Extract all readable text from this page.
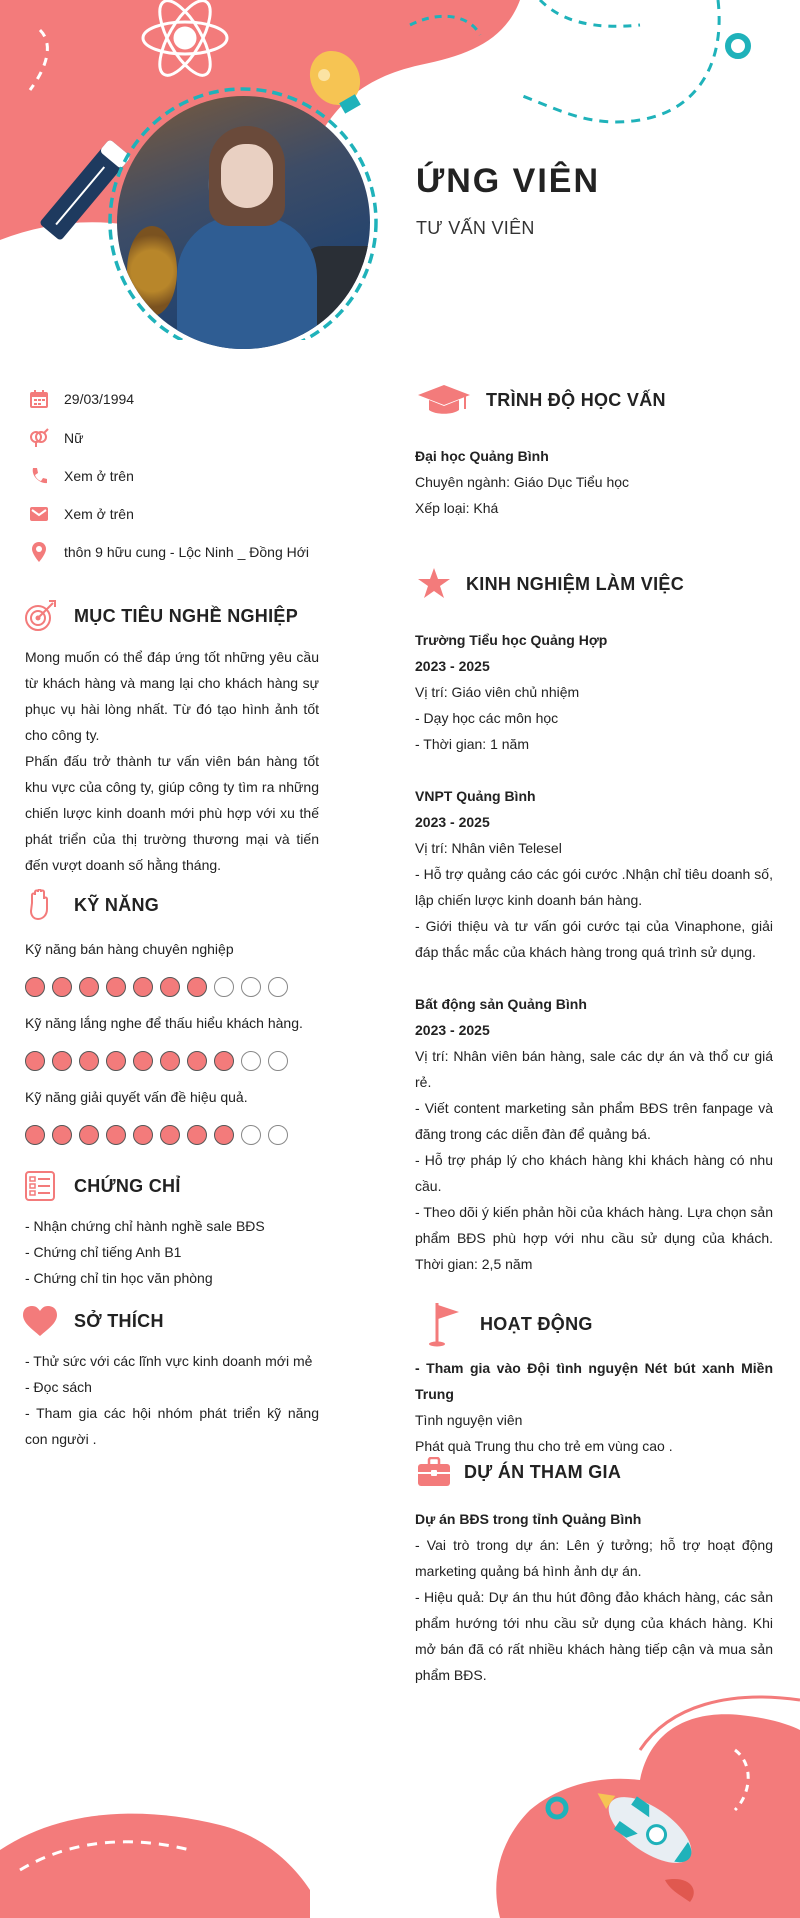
ỨNG VIÊN
TƯ VẤN VIÊN
29/03/1994
Nữ
Xem ở trên
Xem ở trên
thôn 9 hữu cung - Lộc Ninh _ Đồng Hới
MỤC TIÊU NGHỀ NGHIỆP

Mong muốn có thể đáp ứng tốt những yêu cầu từ khách hàng và mang lại cho khách hàng sự phục vụ hài lòng nhất. Từ đó tạo hình ảnh tốt cho công ty.

Phấn đấu trở thành tư vấn viên bán hàng tốt khu vực của công ty, giúp công ty tìm ra những chiến lược kinh doanh mới phù hợp với xu thế phát triển của thị trường thương mại và tiến đến vượt doanh số hằng tháng.

KỸ NĂNG
Kỹ năng bán hàng chuyên nghiệp
Kỹ năng lắng nghe để thấu hiểu khách hàng.
Kỹ năng giải quyết vấn đề hiệu quả.
CHỨNG CHỈ

- Nhận chứng chỉ hành nghề sale BĐS

- Chứng chỉ tiếng Anh B1

- Chứng chỉ tin học văn phòng

SỞ THÍCH

- Thử sức với các lĩnh vực kinh doanh mới mẻ

- Đọc sách

- Tham gia các hội nhóm phát triển kỹ năng con người .

TRÌNH ĐỘ HỌC VẤN

Đại học Quảng Bình

Chuyên ngành: Giáo Dục Tiểu học

Xếp loại: Khá

KINH NGHIỆM LÀM VIỆC

Trường Tiểu học Quảng Hợp

2023 - 2025

Vị trí: Giáo viên chủ nhiệm

- Dạy học các môn học

- Thời gian: 1 năm

VNPT Quảng Bình

2023 - 2025

Vị trí: Nhân viên Telesel

- Hỗ trợ quảng cáo các gói cước .Nhận chỉ tiêu doanh số, lập chiến lược kinh doanh bán hàng.

- Giới thiệu và tư vấn gói cước tại của Vinaphone, giải đáp thắc mắc của khách hàng trong quá trình sử dụng.

Bất động sản Quảng Bình

2023 - 2025

Vị trí: Nhân viên bán hàng, sale các dự án và thổ cư giá rẻ.

- Viết content marketing sản phẩm BĐS trên fanpage và đăng trong các diễn đàn để quảng bá.

- Hỗ trợ pháp lý cho khách hàng khi khách hàng có nhu cầu.

- Theo dõi ý kiến phản hồi của khách hàng. Lựa chọn sản phẩm BĐS phù hợp với nhu cầu sử dụng của khách. Thời gian: 2,5 năm

HOẠT ĐỘNG

- Tham gia vào Đội tình nguyện Nét bút xanh Miền Trung

Tình nguyện viên

Phát quà Trung thu cho trẻ em vùng cao .

DỰ ÁN THAM GIA

Dự án BĐS trong tỉnh Quảng Bình

- Vai trò trong dự án: Lên ý tưởng; hỗ trợ hoạt động marketing quảng bá hình ảnh dự án.

- Hiệu quả: Dự án thu hút đông đảo khách hàng, các sản phẩm hướng tới nhu cầu sử dụng của khách hàng. Khi mở bán đã có rất nhiều khách hàng tiếp cận và mua sản phẩm BĐS.
